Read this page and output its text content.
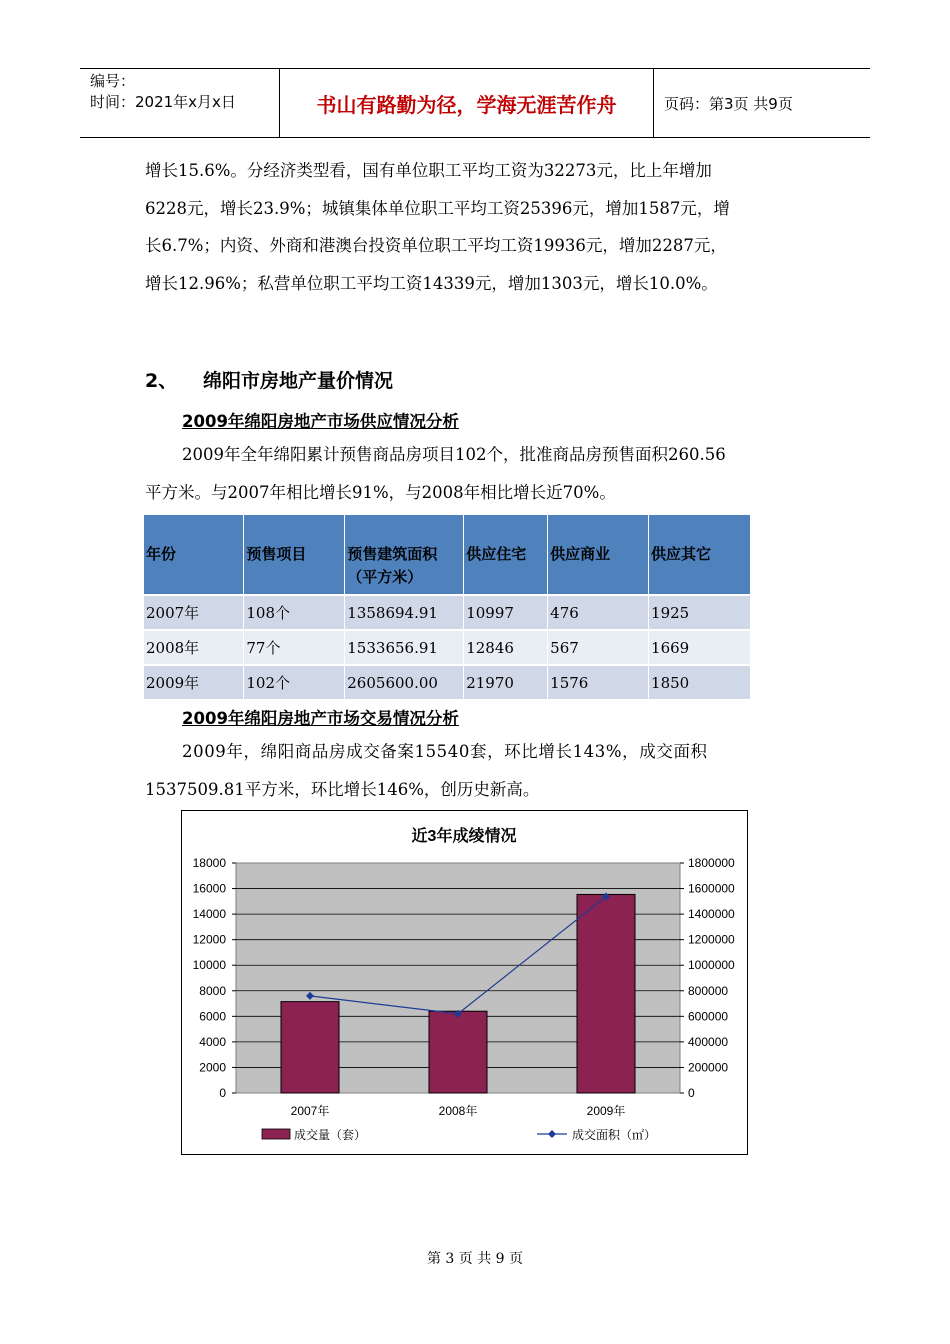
编号：
时间：2021年x月x日	书山有路勤为径，学海无涯苦作舟	页码：第3页 共9页

增长15.6%。分经济类型看，国有单位职工平均工资为32273元，比上年增加

6228元，增长23.9%；城镇集体单位职工平均工资25396元，增加1587元，增

长6.7%；内资、外商和港澳台投资单位职工平均工资19936元，增加2287元，

增长12.96%；私营单位职工平均工资14339元，增加1303元，增长10.0%。

2、 绵阳市房地产量价情况
2009年绵阳房地产市场供应情况分析

2009年全年绵阳累计预售商品房项目102个，批准商品房预售面积260.56

平方米。与2007年相比增长91%，与2008年相比增长近70%。

年份	预售项目	预售建筑面积（平方米）	供应住宅	供应商业	供应其它
2007年	108个	1358694.91	10997	476	1925
2008年	77个	1533656.91	12846	567	1669
2009年	102个	2605600.00	21970	1576	1850
2009年绵阳房地产市场交易情况分析

2009年，绵阳商品房成交备案15540套，环比增长143%，成交面积

1537509.81平方米，环比增长146%，创历史新高。

近3年成绫情况
18000
16000
14000
12000
10000
8000
6000
4000
2000
0
1800000
1600000
1400000
1200000
1000000
800000
600000
400000
200000
0
2007年	2008年	2009年
成交量（套）	成交面积（㎡）
第 3 页 共 9 页
